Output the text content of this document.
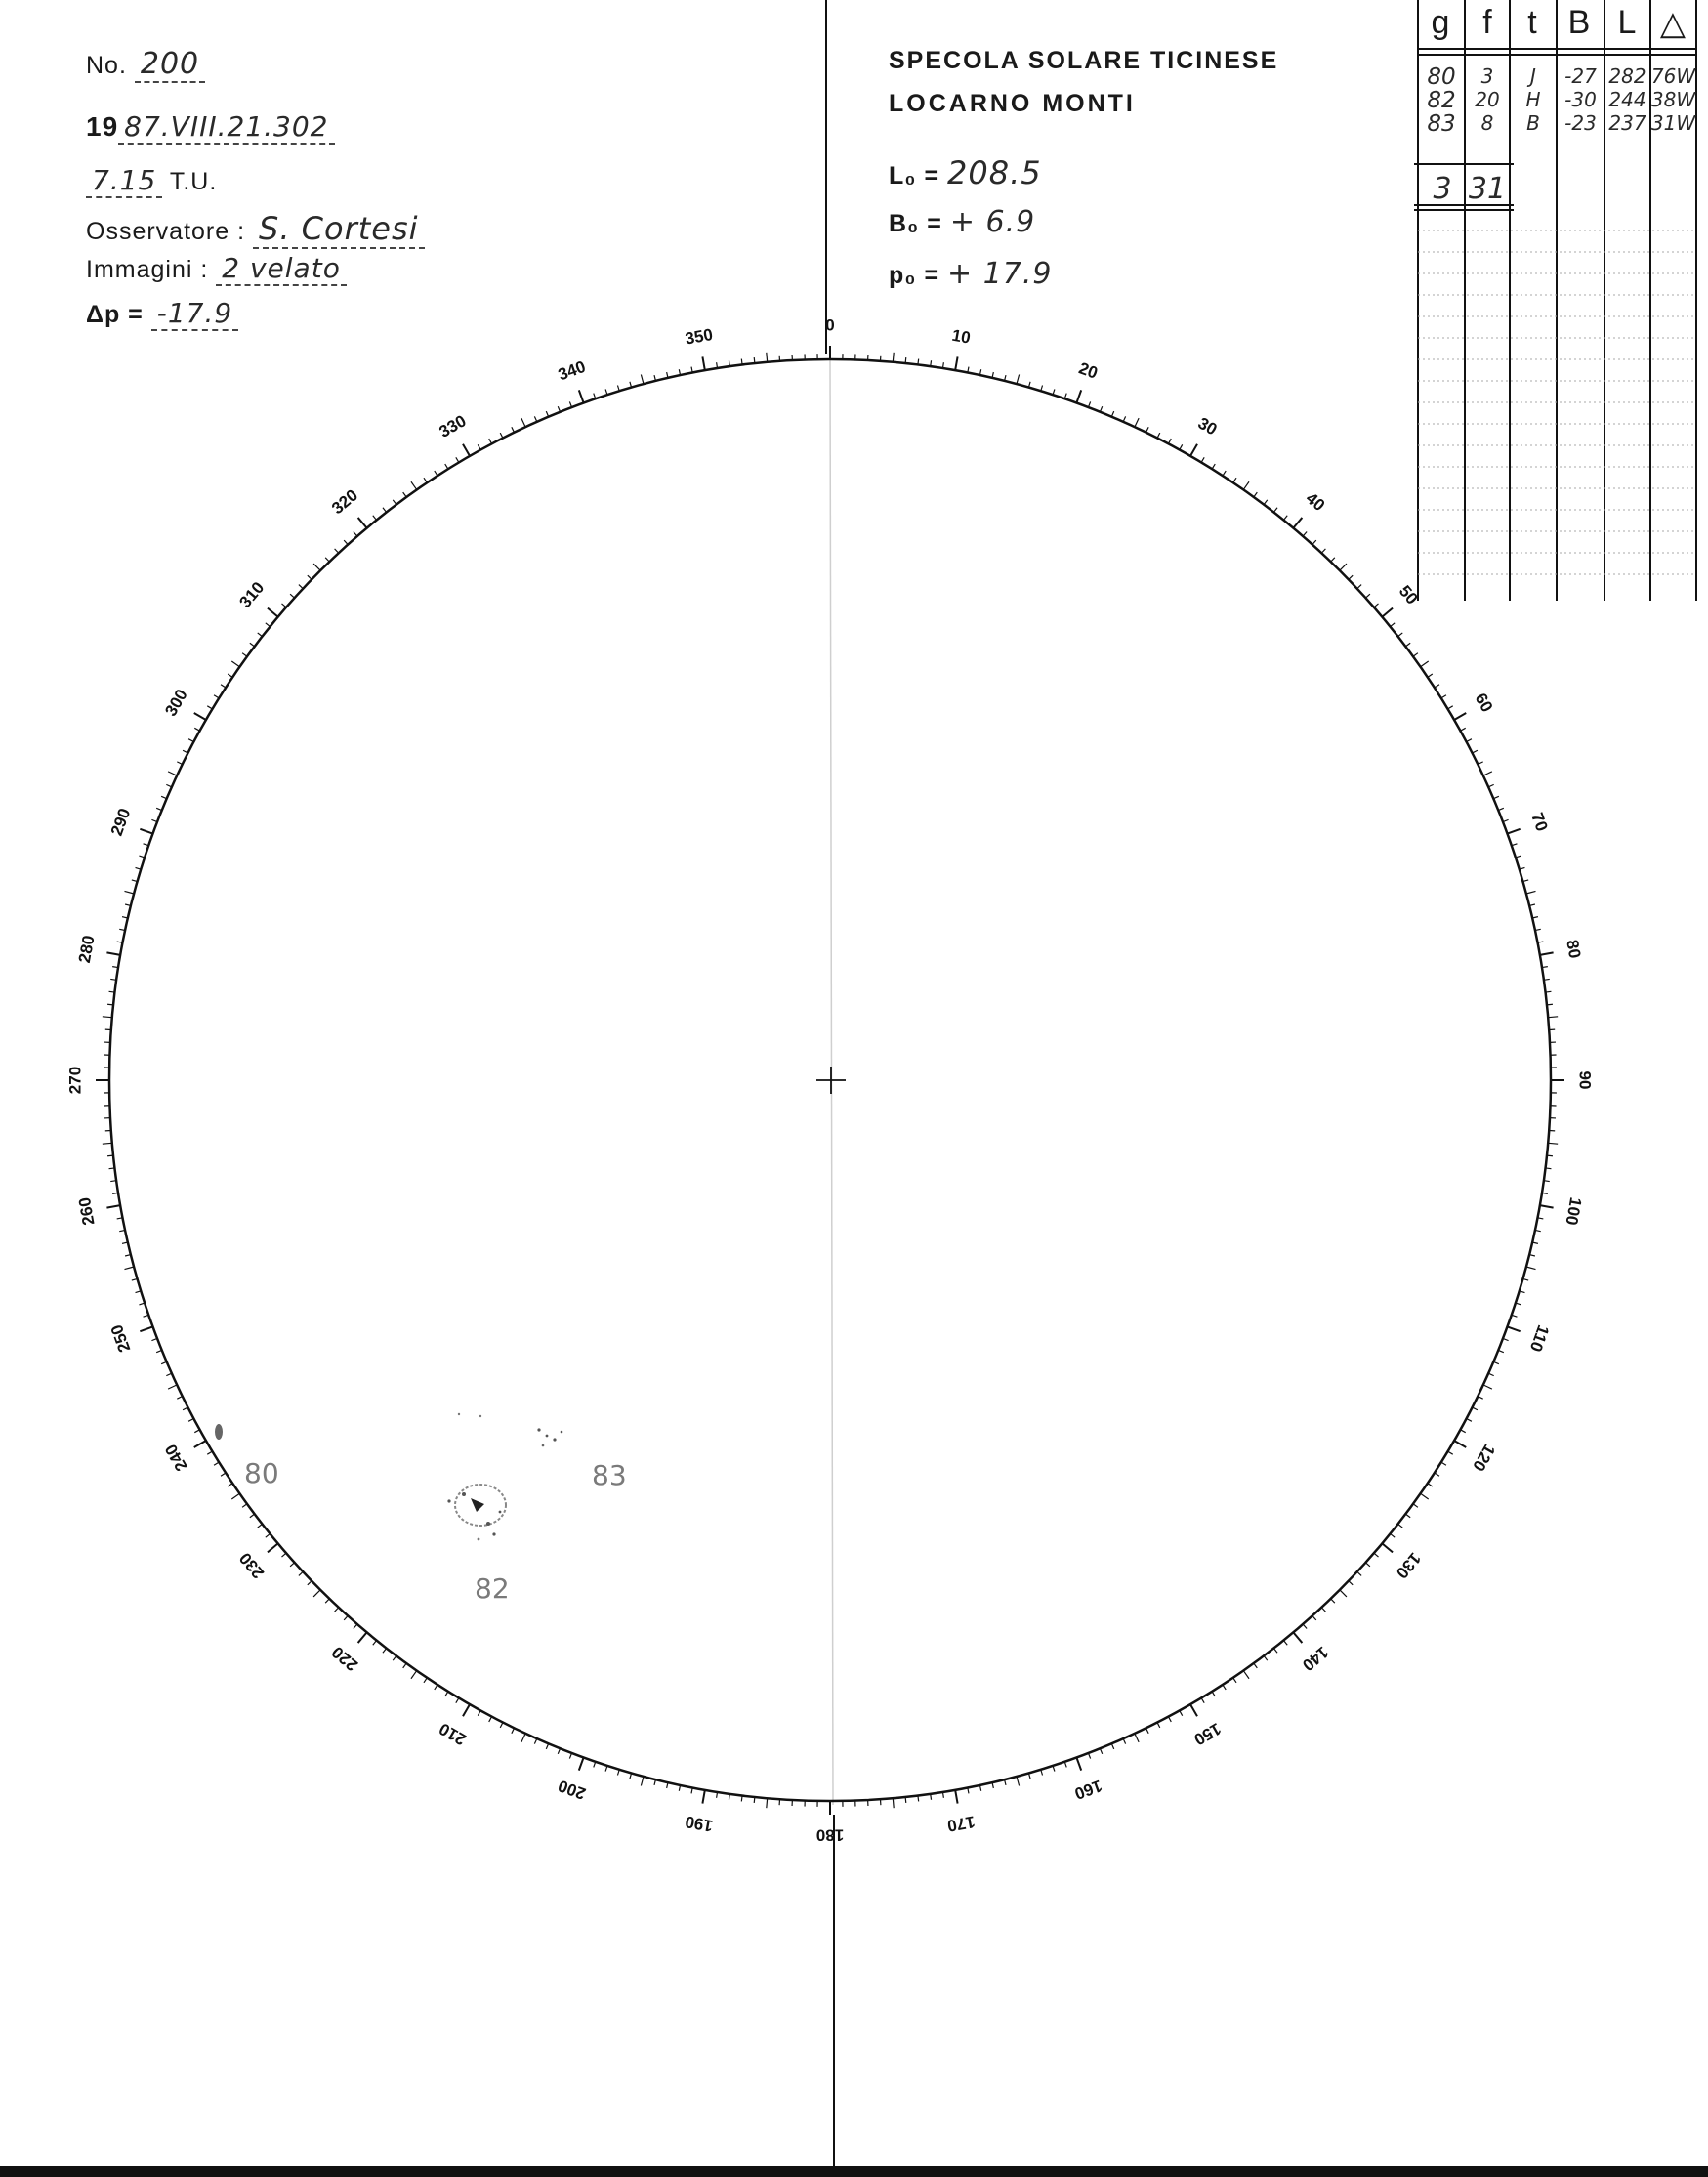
No. 200
19 87.VIII.21.302
7.15 T.U.
Osservatore : S. Cortesi
Immagini : 2 velato
Δp = -17.9
SPECOLA SOLARE TICINESE
LOCARNO MONTI
L₀ = 208.5
B₀ = + 6.9
p₀ = + 17.9
0
10
20
30
40
50
60
70
80
90
100
110
120
130
140
150
160
170
180
190
200
210
220
230
240
250
260
270
280
290
300
310
320
330
340
350
g f	t B L △
80	3	J	-27 282 76W
82 20	H	-30 244 38W
83	8	B	-23 237 31W
3 31
80	83
82
